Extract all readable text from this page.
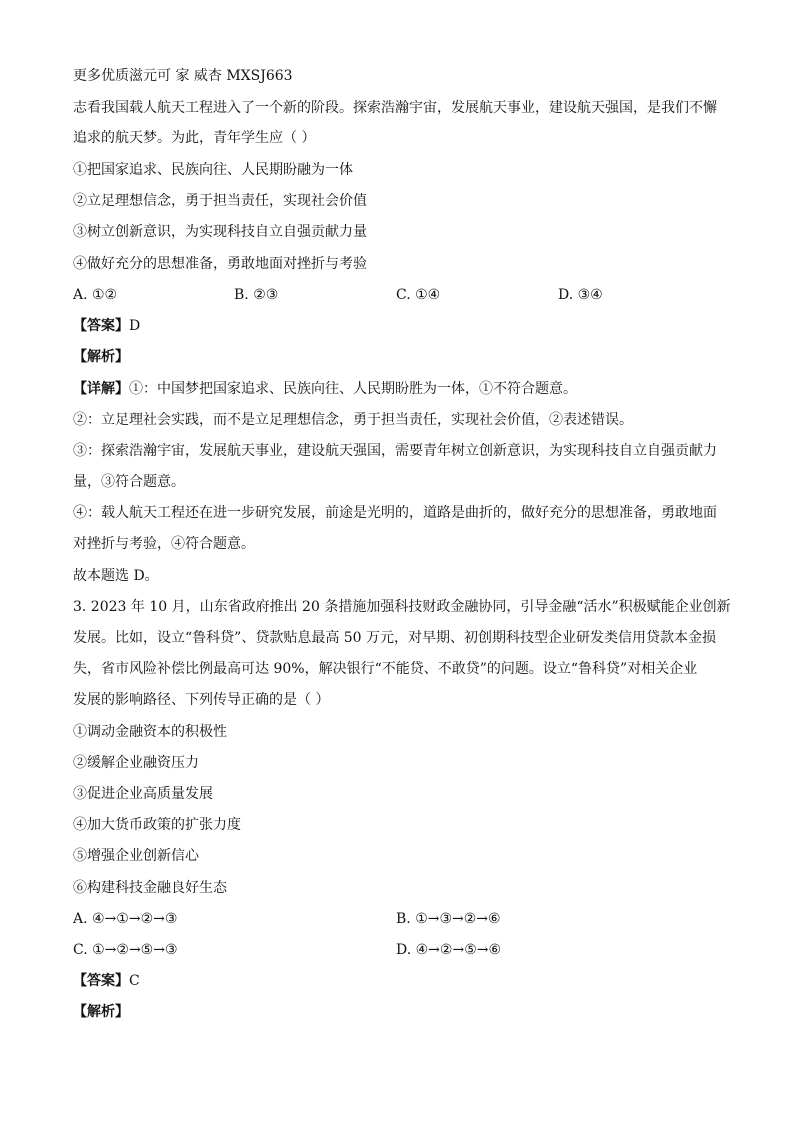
更多优质滋元可 家 威杏 MXSJ663
志看我国载人航天工程进入了一个新的阶段。探索浩瀚宇宙，发展航天事业，建设航天强国，是我们不懈
追求的航天梦。为此，青年学生应（ ）
①把国家追求、民族向往、人民期盼融为一体
②立足理想信念，勇于担当责任，实现社会价值
③树立创新意识，为实现科技自立自强贡献力量
④做好充分的思想准备，勇敢地面对挫折与考验
A. ①②	B. ②③	C. ①④	D. ③④
【答案】D
【解析】
【详解】①：中国梦把国家追求、民族向往、人民期盼胜为一体，①不符合题意。
②：立足理社会实践，而不是立足理想信念，勇于担当责任，实现社会价值，②表述错误。
③：探索浩瀚宇宙，发展航天事业，建设航天强国，需要青年树立创新意识，为实现科技自立自强贡献力
量，③符合题意。
④：载人航天工程还在进一步研究发展，前途是光明的，道路是曲折的，做好充分的思想准备，勇敢地面
对挫折与考验，④符合题意。
故本题选 D。
3. 2023 年 10 月，山东省政府推出 20 条措施加强科技财政金融协同，引导金融“活水”积极赋能企业创新
发展。比如，设立“鲁科贷”、贷款贴息最高 50 万元，对早期、初创期科技型企业研发类信用贷款本金损
失，省市风险补偿比例最高可达 90%，解决银行“不能贷、不敢贷”的问题。设立“鲁科贷”对相关企业
发展的影响路径、下列传导正确的是（ ）
①调动金融资本的积极性
②缓解企业融资压力
③促进企业高质量发展
④加大货币政策的扩张力度
⑤增强企业创新信心
⑥构建科技金融良好生态
A. ④→①→②→③	B. ①→③→②→⑥
C. ①→②→⑤→③	D. ④→②→⑤→⑥
【答案】C
【解析】
